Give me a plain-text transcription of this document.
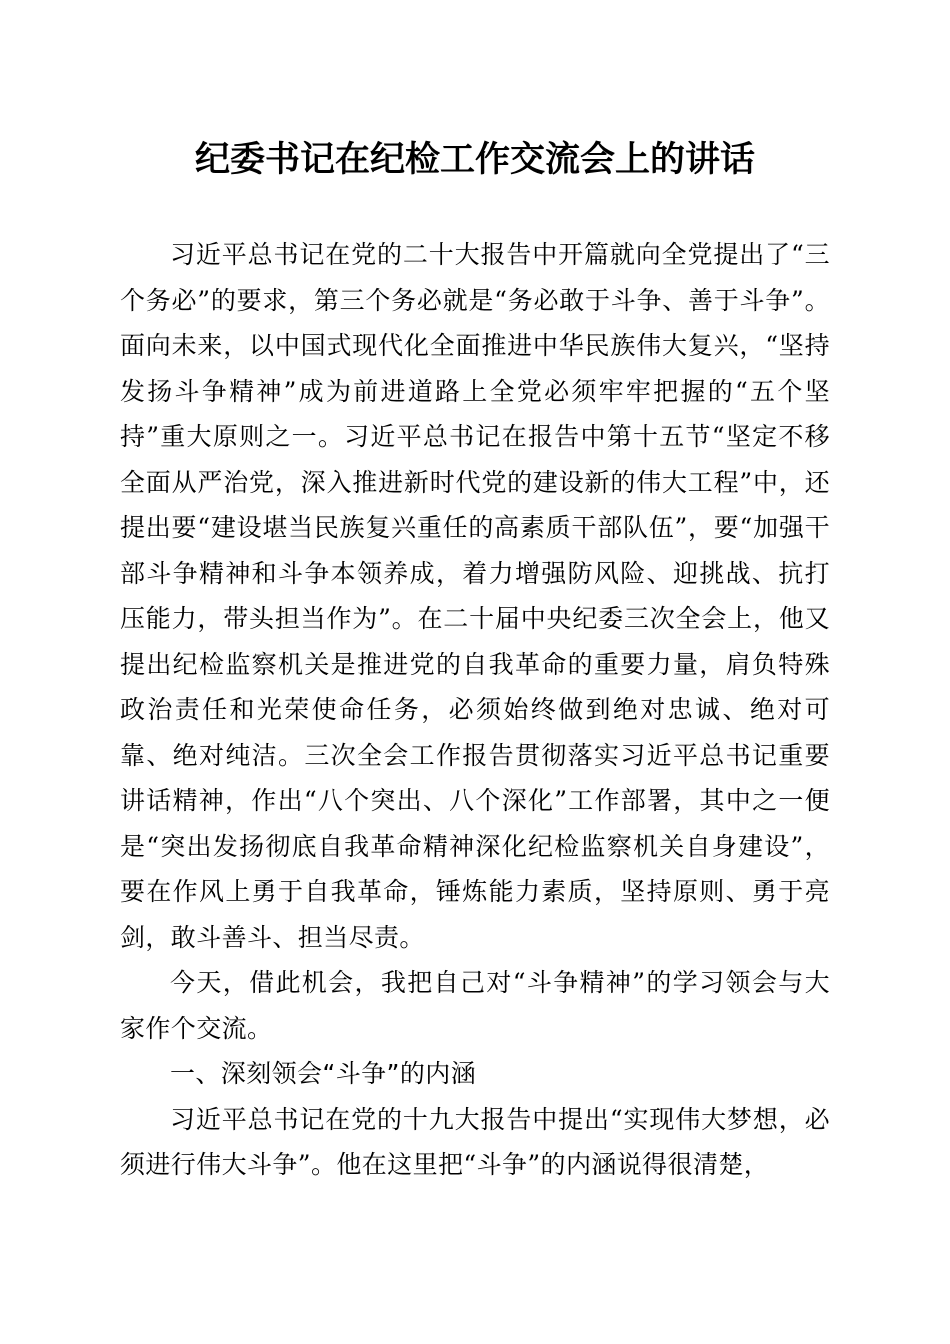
纪委书记在纪检工作交流会上的讲话

习近平总书记在党的二十大报告中开篇就向全党提出了“三个务必”的要求，第三个务必就是“务必敢于斗争、善于斗争”。面向未来，以中国式现代化全面推进中华民族伟大复兴，“坚持发扬斗争精神”成为前进道路上全党必须牢牢把握的“五个坚持”重大原则之一。习近平总书记在报告中第十五节“坚定不移全面从严治党，深入推进新时代党的建设新的伟大工程”中，还提出要“建设堪当民族复兴重任的高素质干部队伍”，要“加强干部斗争精神和斗争本领养成，着力增强防风险、迎挑战、抗打压能力，带头担当作为”。在二十届中央纪委三次全会上，他又提出纪检监察机关是推进党的自我革命的重要力量，肩负特殊政治责任和光荣使命任务，必须始终做到绝对忠诚、绝对可靠、绝对纯洁。三次全会工作报告贯彻落实习近平总书记重要讲话精神，作出“八个突出、八个深化”工作部署，其中之一便是“突出发扬彻底自我革命精神深化纪检监察机关自身建设”，要在作风上勇于自我革命，锤炼能力素质，坚持原则、勇于亮剑，敢斗善斗、担当尽责。

今天，借此机会，我把自己对“斗争精神”的学习领会与大家作个交流。

一、深刻领会“斗争”的内涵

习近平总书记在党的十九大报告中提出“实现伟大梦想，必须进行伟大斗争”。他在这里把“斗争”的内涵说得很清楚，
